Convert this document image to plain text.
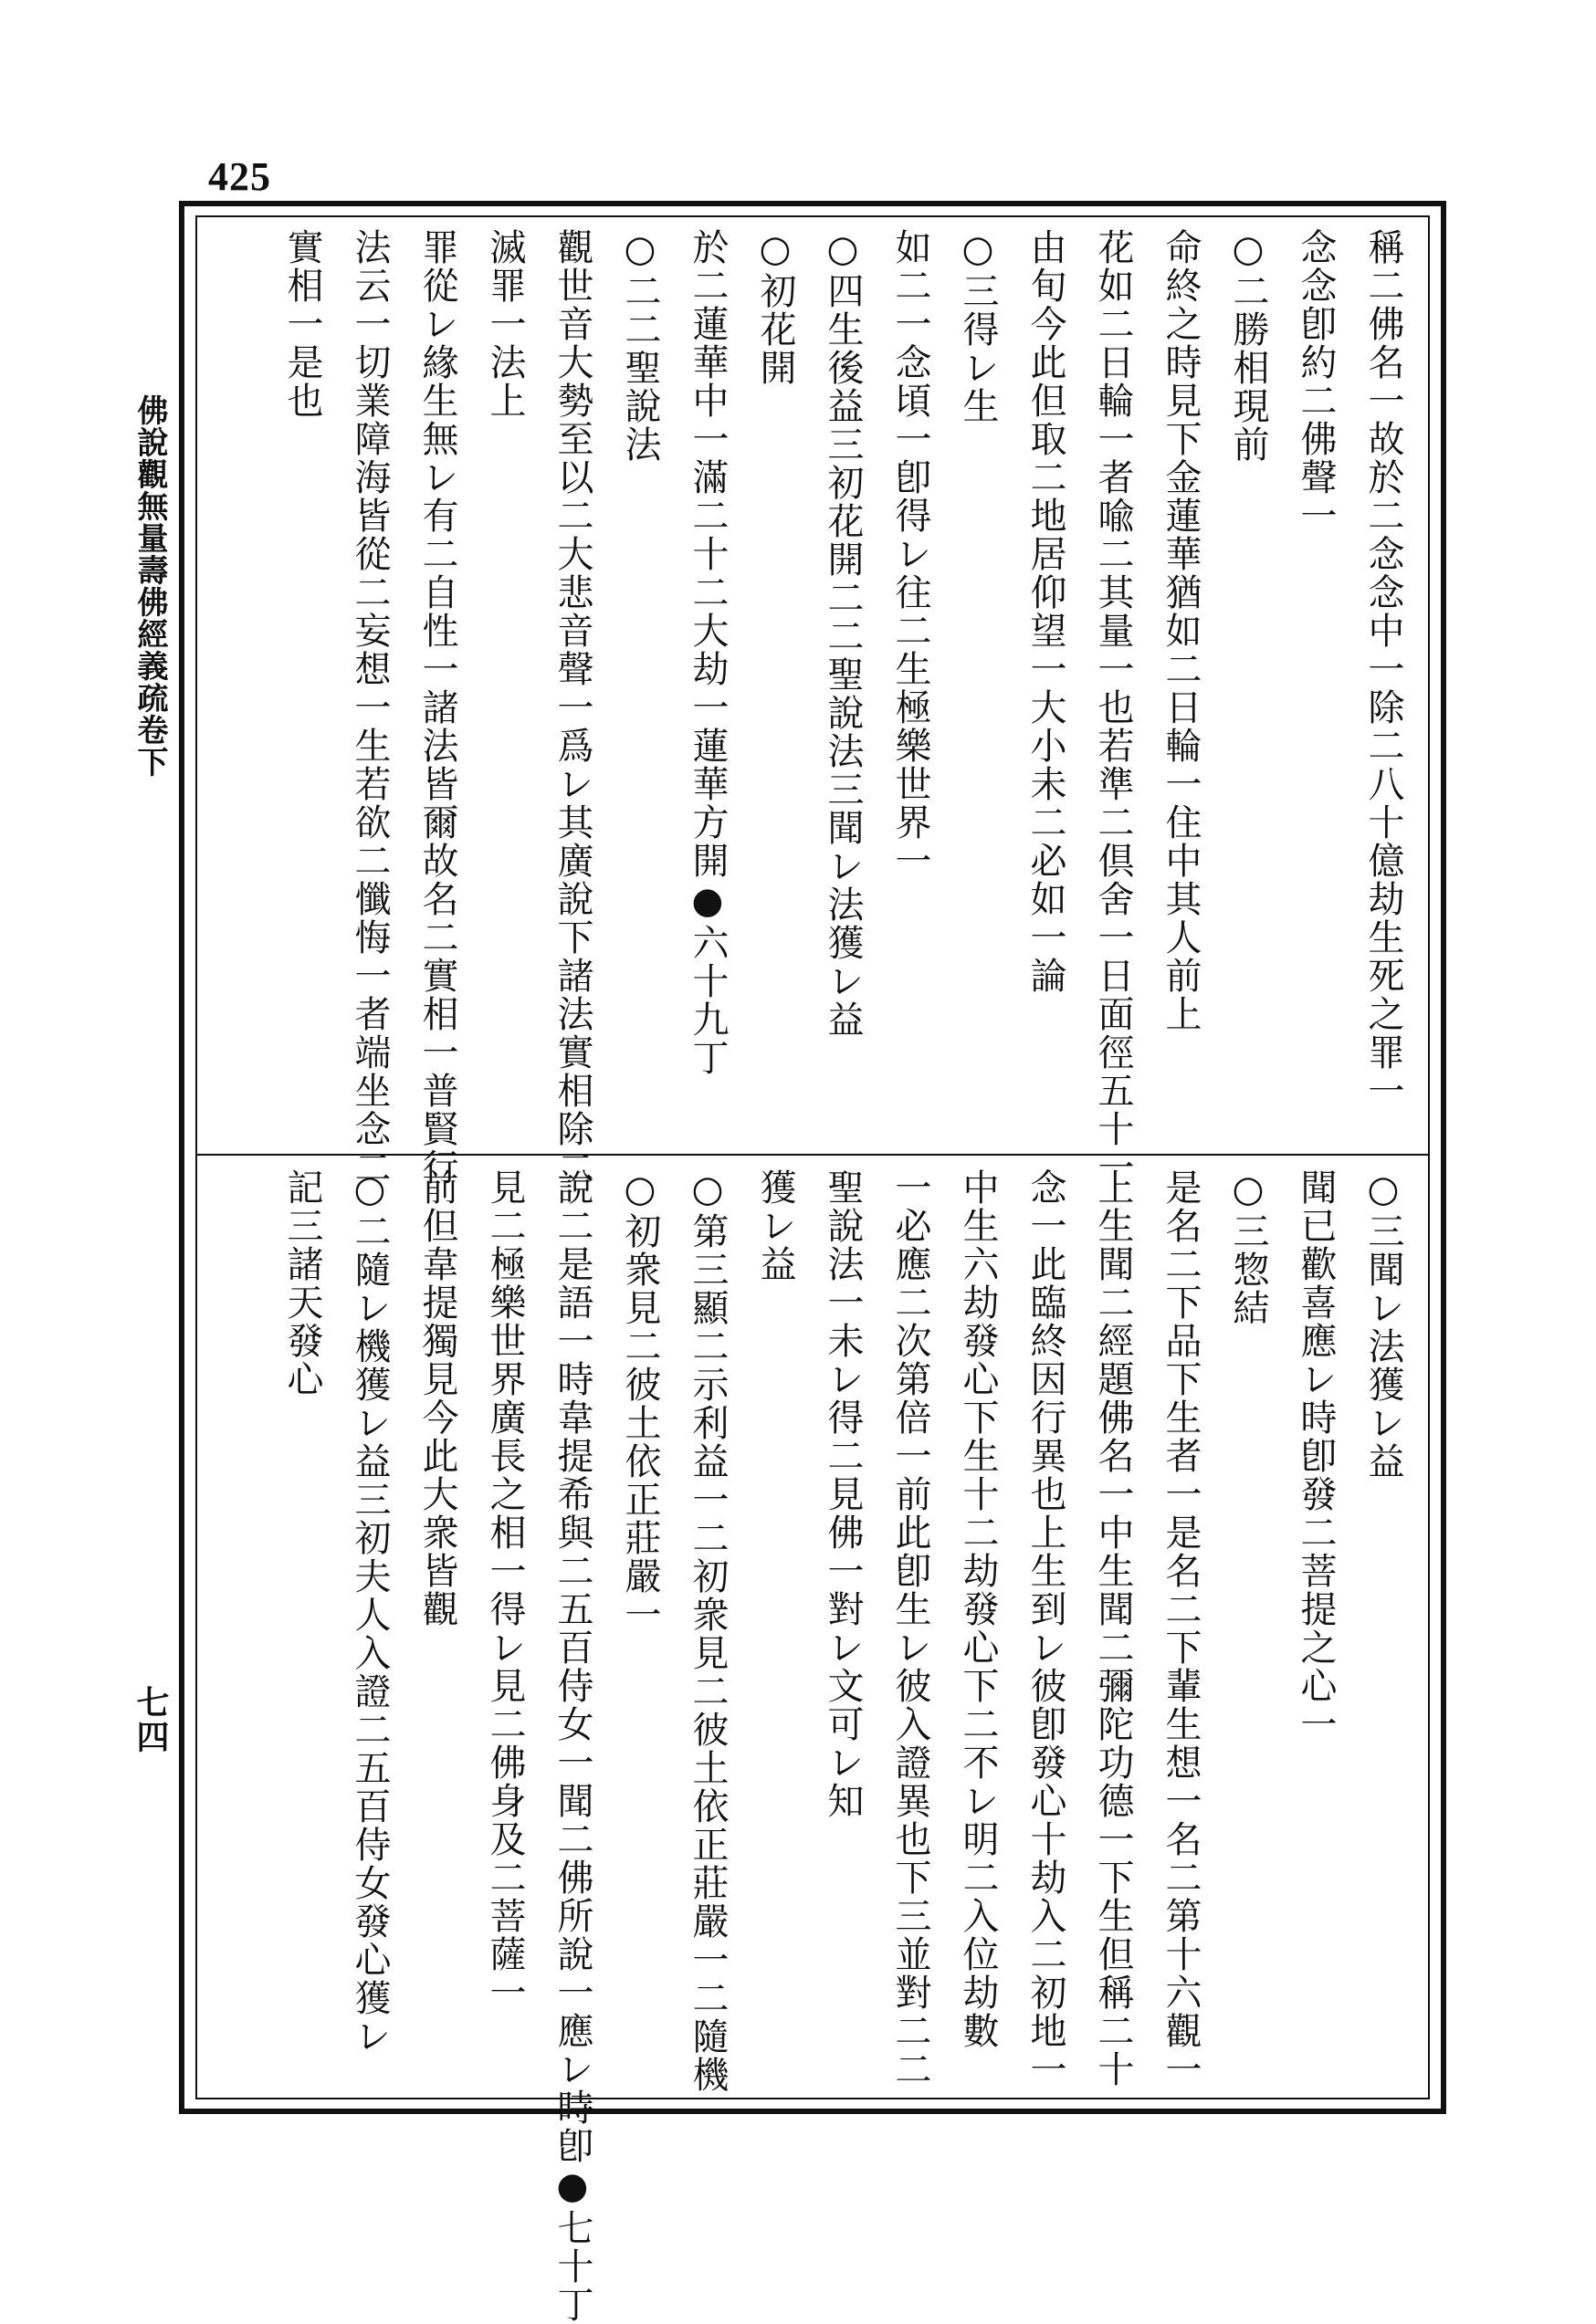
425
佛說觀無量壽佛經義疏卷下
七四
稱二佛名一故於二念念中一除二八十億劫生死之罪一
念念卽約二佛聲一
○二勝相現前
命終之時見下金蓮華猶如二日輪一住中其人前上
花如二日輪一者喩二其量一也若準二倶舍一日面徑五十一
由旬今此但取二地居仰望一大小未二必如一論
○三得レ生
如二一念頃一卽得レ往二生極樂世界一
○四生後益三初花開二二聖說法三聞レ法獲レ益
○初花開
於二蓮華中一滿二十二大劫一蓮華方開●六十九丁
○二二聖說法
觀世音大勢至以二大悲音聲一爲レ其廣說下諸法實相除二
滅罪一法上
罪從レ緣生無レ有二自性一諸法皆爾故名二實相一普賢行
法云一切業障海皆從二妄想一生若欲二懺悔一者端坐念二
實相一是也
○三聞レ法獲レ益
聞已歡喜應レ時卽發二菩提之心一
○三惣結
是名二下品下生者一是名二下輩生想一名二第十六觀一
上生聞二經題佛名一中生聞二彌陀功德一下生但稱二十
念一此臨終因行異也上生到レ彼卽發心十劫入二初地一
中生六劫發心下生十二劫發心下二不レ明二入位劫數
一必應二次第倍一前此卽生レ彼入證異也下三並對二二
聖說法一未レ得二見佛一對レ文可レ知
獲レ益
○第三顯二示利益一二初衆見二彼土依正莊嚴一二隨機
○初衆見二彼土依正莊嚴一
說二是語一時韋提希與二五百侍女一聞二佛所說一應レ時卽●七十丁
見二極樂世界廣長之相一得レ見二佛身及二菩薩一
前但韋提獨見今此大衆皆觀
○二隨レ機獲レ益三初夫人入證二五百侍女發心獲レ
記三諸天發心
